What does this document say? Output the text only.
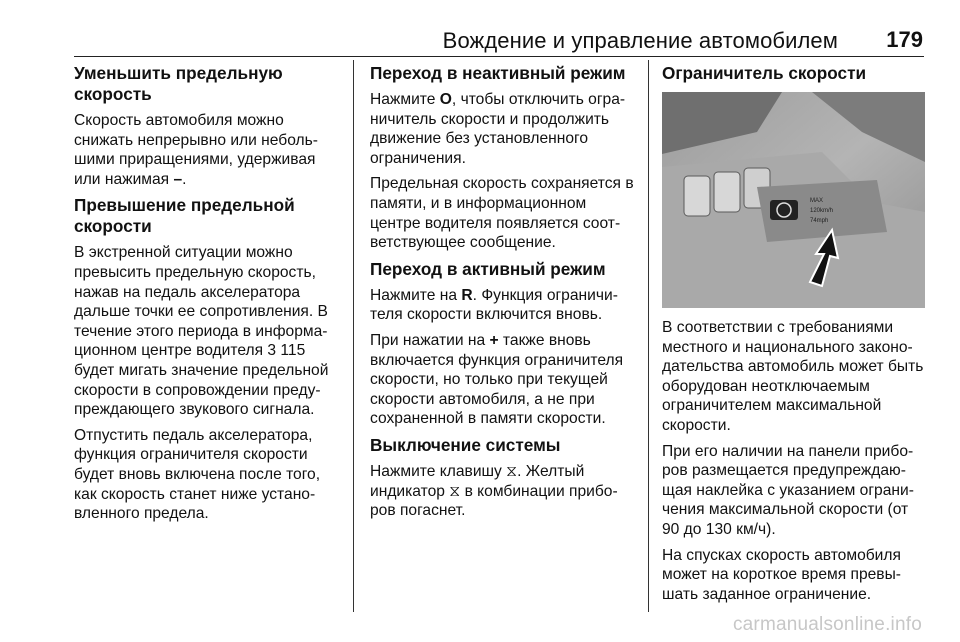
Вождение и управление автомобилем 179
Уменьшить предельную скорость

Скорость автомобиля можно снижать непрерывно или небольшими приращениями, удерживая или нажимая –.

Превышение предельной скорости

В экстренной ситуации можно превысить предельную скорость, нажав на педаль акселератора дальше точки ее сопротивления. В течение этого периода в информационном центре водителя 3 115 будет мигать значение предельной скорости в сопровождении предупреждающего звукового сигнала.

Отпустить педаль акселератора, функция ограничителя скорости будет вновь включена после того, как скорость станет ниже установленного предела.

Переход в неактивный режим

Нажмите O, чтобы отключить ограничитель скорости и продолжить движение без установленного ограничения.

Предельная скорость сохраняется в памяти, и в информационном центре водителя появляется соответствующее сообщение.

Переход в активный режим

Нажмите на R. Функция ограничителя скорости включится вновь.

При нажатии на + также вновь включается функция ограничителя скорости, но только при текущей скорости автомобиля, а не при сохраненной в памяти скорости.

Выключение системы

Нажмите клавишу ⧖. Желтый индикатор ⧖ в комбинации приборов погаснет.

Ограничитель скорости
MAX
120km/h
74mph

В соответствии с требованиями местного и национального законодательства автомобиль может быть оборудован неотключаемым ограничителем максимальной скорости.

При его наличии на панели приборов размещается предупреждающая наклейка с указанием ограничения максимальной скорости (от 90 до 130 км/ч).

На спусках скорость автомобиля может на короткое время превышать заданное ограничение.

carmanualsonline.info
